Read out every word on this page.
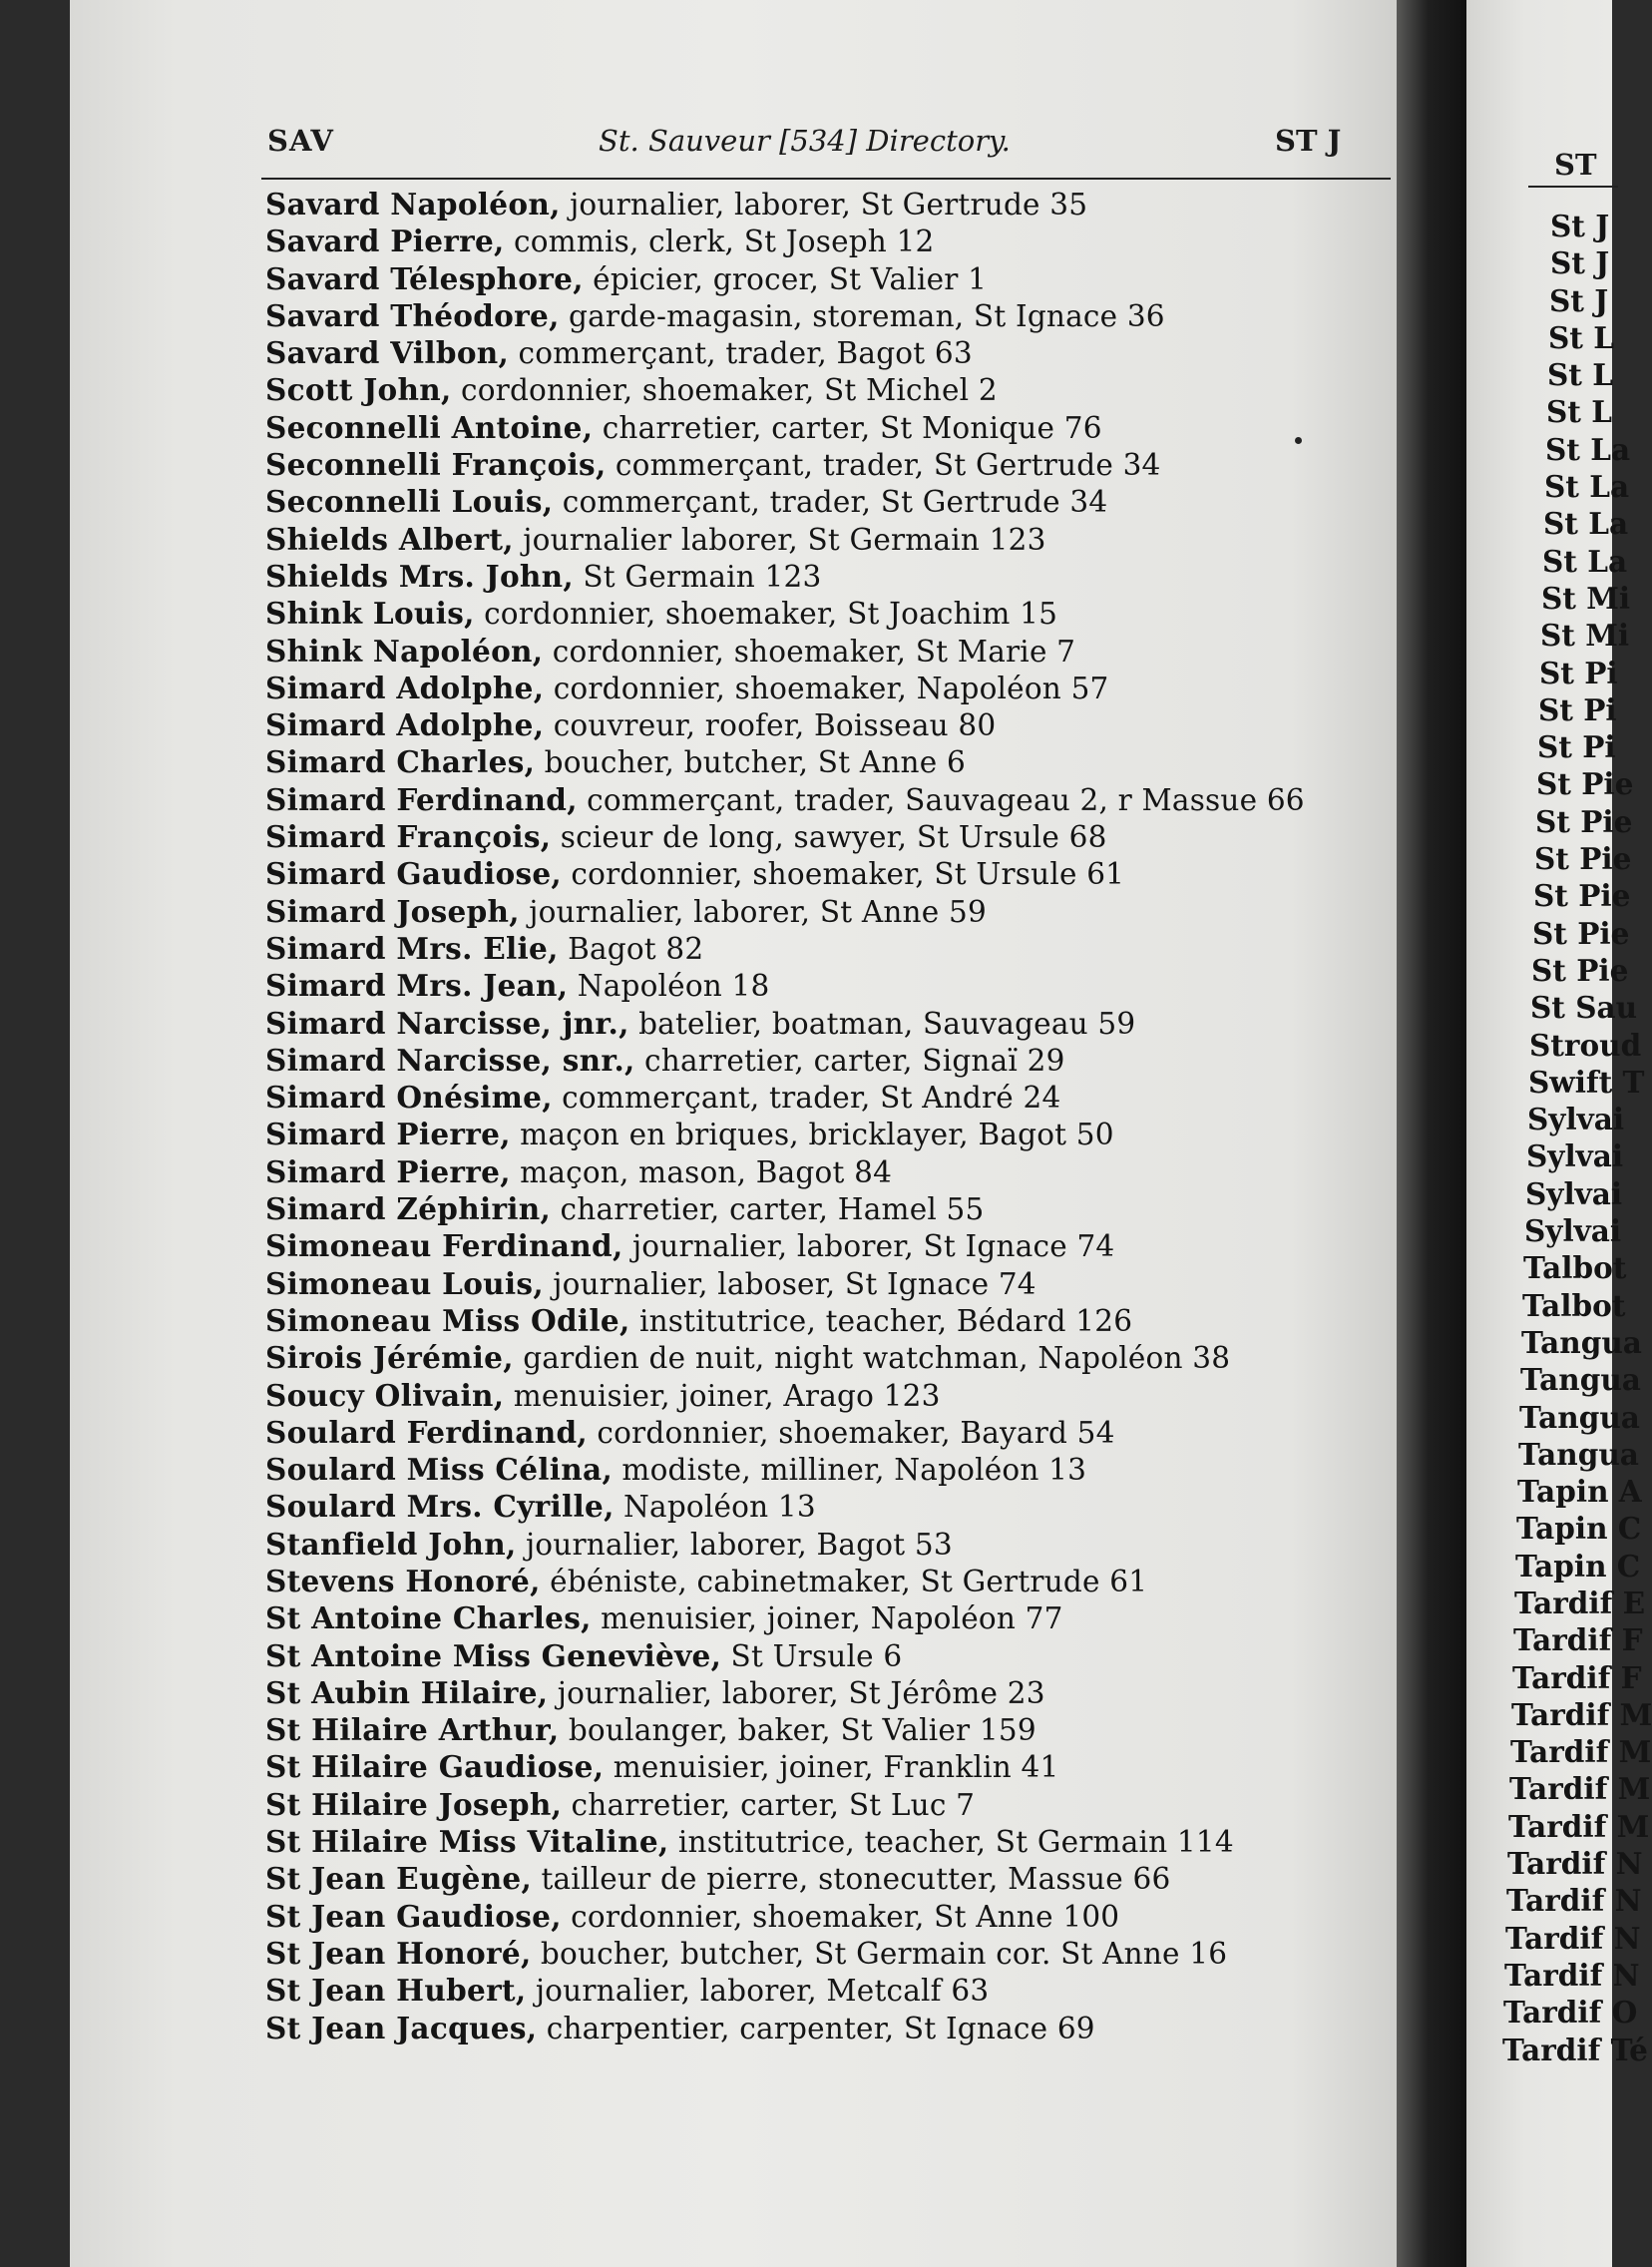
SAV	St. Sauveur [534] Directory.	ST J
Savard Napoléon, journalier, laborer, St Gertrude 35
Savard Pierre, commis, clerk, St Joseph 12
Savard Télesphore, épicier, grocer, St Valier 1
Savard Théodore, garde-magasin, storeman, St Ignace 36
Savard Vilbon, commerçant, trader, Bagot 63
Scott John, cordonnier, shoemaker, St Michel 2
Seconnelli Antoine, charretier, carter, St Monique 76
Seconnelli François, commerçant, trader, St Gertrude 34
Seconnelli Louis, commerçant, trader, St Gertrude 34
Shields Albert, journalier laborer, St Germain 123
Shields Mrs. John, St Germain 123
Shink Louis, cordonnier, shoemaker, St Joachim 15
Shink Napoléon, cordonnier, shoemaker, St Marie 7
Simard Adolphe, cordonnier, shoemaker, Napoléon 57
Simard Adolphe, couvreur, roofer, Boisseau 80
Simard Charles, boucher, butcher, St Anne 6
Simard Ferdinand, commerçant, trader, Sauvageau 2, r Massue 66
Simard François, scieur de long, sawyer, St Ursule 68
Simard Gaudiose, cordonnier, shoemaker, St Ursule 61
Simard Joseph, journalier, laborer, St Anne 59
Simard Mrs. Elie, Bagot 82
Simard Mrs. Jean, Napoléon 18
Simard Narcisse, jnr., batelier, boatman, Sauvageau 59
Simard Narcisse, snr., charretier, carter, Signaï 29
Simard Onésime, commerçant, trader, St André 24
Simard Pierre, maçon en briques, bricklayer, Bagot 50
Simard Pierre, maçon, mason, Bagot 84
Simard Zéphirin, charretier, carter, Hamel 55
Simoneau Ferdinand, journalier, laborer, St Ignace 74
Simoneau Louis, journalier, laboser, St Ignace 74
Simoneau Miss Odile, institutrice, teacher, Bédard 126
Sirois Jérémie, gardien de nuit, night watchman, Napoléon 38
Soucy Olivain, menuisier, joiner, Arago 123
Soulard Ferdinand, cordonnier, shoemaker, Bayard 54
Soulard Miss Célina, modiste, milliner, Napoléon 13
Soulard Mrs. Cyrille, Napoléon 13
Stanfield John, journalier, laborer, Bagot 53
Stevens Honoré, ébéniste, cabinetmaker, St Gertrude 61
St Antoine Charles, menuisier, joiner, Napoléon 77
St Antoine Miss Geneviève, St Ursule 6
St Aubin Hilaire, journalier, laborer, St Jérôme 23
St Hilaire Arthur, boulanger, baker, St Valier 159
St Hilaire Gaudiose, menuisier, joiner, Franklin 41
St Hilaire Joseph, charretier, carter, St Luc 7
St Hilaire Miss Vitaline, institutrice, teacher, St Germain 114
St Jean Eugène, tailleur de pierre, stonecutter, Massue 66
St Jean Gaudiose, cordonnier, shoemaker, St Anne 100
St Jean Honoré, boucher, butcher, St Germain cor. St Anne 16
St Jean Hubert, journalier, laborer, Metcalf 63
St Jean Jacques, charpentier, carpenter, St Ignace 69
ST
St J
St J
St J
St L
St L
St L
St La
St La
St La
St La
St Mi
St Mi
St Pi
St Pi
St Pi
St Pie
St Pie
St Pie
St Pie
St Pie
St Pie
St Sau
Stroud
Swift T
Sylvai
Sylvai
Sylvai
Sylvai
Talbot
Talbot
Tangua
Tangua
Tangua
Tangua
Tapin A
Tapin C
Tapin C
Tardif E
Tardif F
Tardif F
Tardif M
Tardif M
Tardif M
Tardif M
Tardif N
Tardif N
Tardif N
Tardif N
Tardif O
Tardif Té
